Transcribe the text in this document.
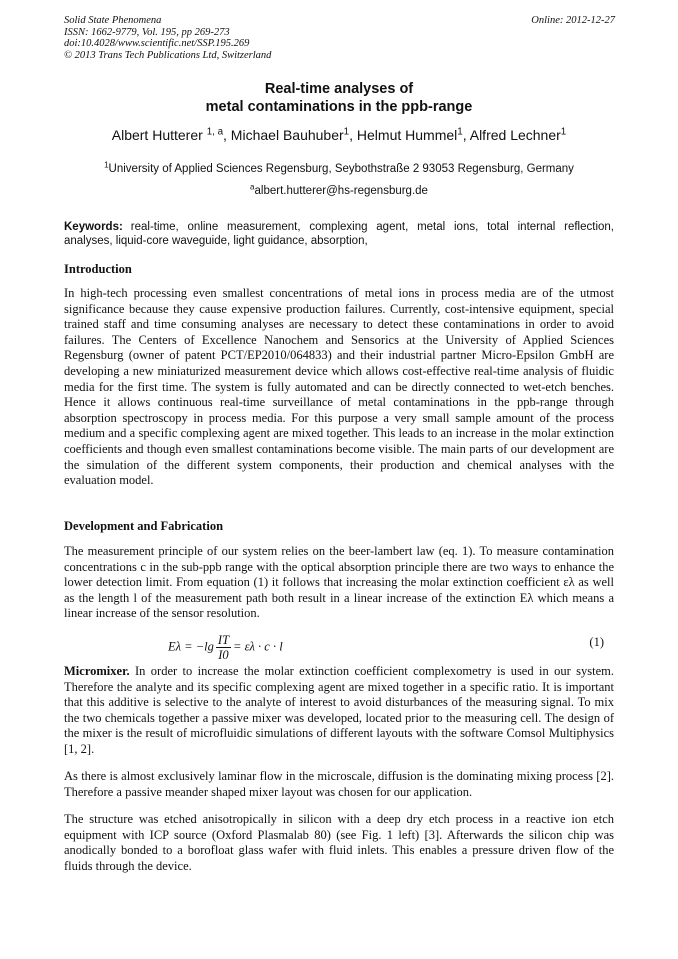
Solid State Phenomena
ISSN: 1662-9779, Vol. 195, pp 269-273
doi:10.4028/www.scientific.net/SSP.195.269
© 2013 Trans Tech Publications Ltd, Switzerland
Online: 2012-12-27
Real-time analyses of
metal contaminations in the ppb-range
Albert Hutterer $^{1, a}$, Michael Bauhuber$^1$, Helmut Hummel$^1$, Alfred Lechner$^1$
$^1$University of Applied Sciences Regensburg, Seybothstraße 2 93053 Regensburg, Germany
$^a$albert.hutterer@hs-regensburg.de
Keywords: real-time, online measurement, complexing agent, metal ions, total internal reflection, analyses, liquid-core waveguide, light guidance, absorption,
Introduction
In high-tech processing even smallest concentrations of metal ions in process media are of the utmost significance because they cause expensive production failures. Currently, cost-intensive equipment, special trained staff and time consuming analyses are necessary to detect these contaminations in order to avoid failures. The Centers of Excellence Nanochem and Sensorics at the University of Applied Sciences Regensburg (owner of patent PCT/EP2010/064833) and their industrial partner Micro-Epsilon GmbH are developing a new miniaturized measurement device which allows cost-effective real-time analysis of fluidic media for the first time. The system is fully automated and can be directly connected to wet-etch benches. Hence it allows continuous real-time surveillance of metal contaminations in the ppb-range through absorption spectroscopy in process media. For this purpose a very small sample amount of the process medium and a specific complexing agent are mixed together. This leads to an increase in the molar extinction coefficients and though even smallest contaminations become visible. The main parts of our development are the simulation of the different system components, their production and chemical analyses with the evaluation model.
Development and Fabrication
The measurement principle of our system relies on the beer-lambert law (eq. 1). To measure contamination concentrations c in the sub-ppb range with the optical absorption principle there are two ways to enhance the lower detection limit. From equation (1) it follows that increasing the molar extinction coefficient ελ as well as the length l of the measurement path both result in a linear increase of the extinction Eλ which means a linear increase of the sensor resolution.
$E\lambda = -\lg \frac{IT}{I0} = \varepsilon\lambda \cdot c \cdot l$	(1)
Micromixer. In order to increase the molar extinction coefficient complexometry is used in our system. Therefore the analyte and its specific complexing agent are mixed together in a specific ratio. It is important that this additive is selective to the analyte of interest to avoid disturbances of the measuring signal. To mix the two chemicals together a passive mixer was developed, located prior to the measuring cell. The design of the mixer is the result of microfluidic simulations of different layouts with the software Comsol Multiphysics [1, 2].
As there is almost exclusively laminar flow in the microscale, diffusion is the dominating mixing process [2]. Therefore a passive meander shaped mixer layout was chosen for our application.
The structure was etched anisotropically in silicon with a deep dry etch process in a reactive ion etch equipment with ICP source (Oxford Plasmalab 80) (see Fig. 1 left) [3]. Afterwards the silicon chip was anodically bonded to a borofloat glass wafer with fluid inlets. This enables a pressure driven flow of the fluids through the device.
